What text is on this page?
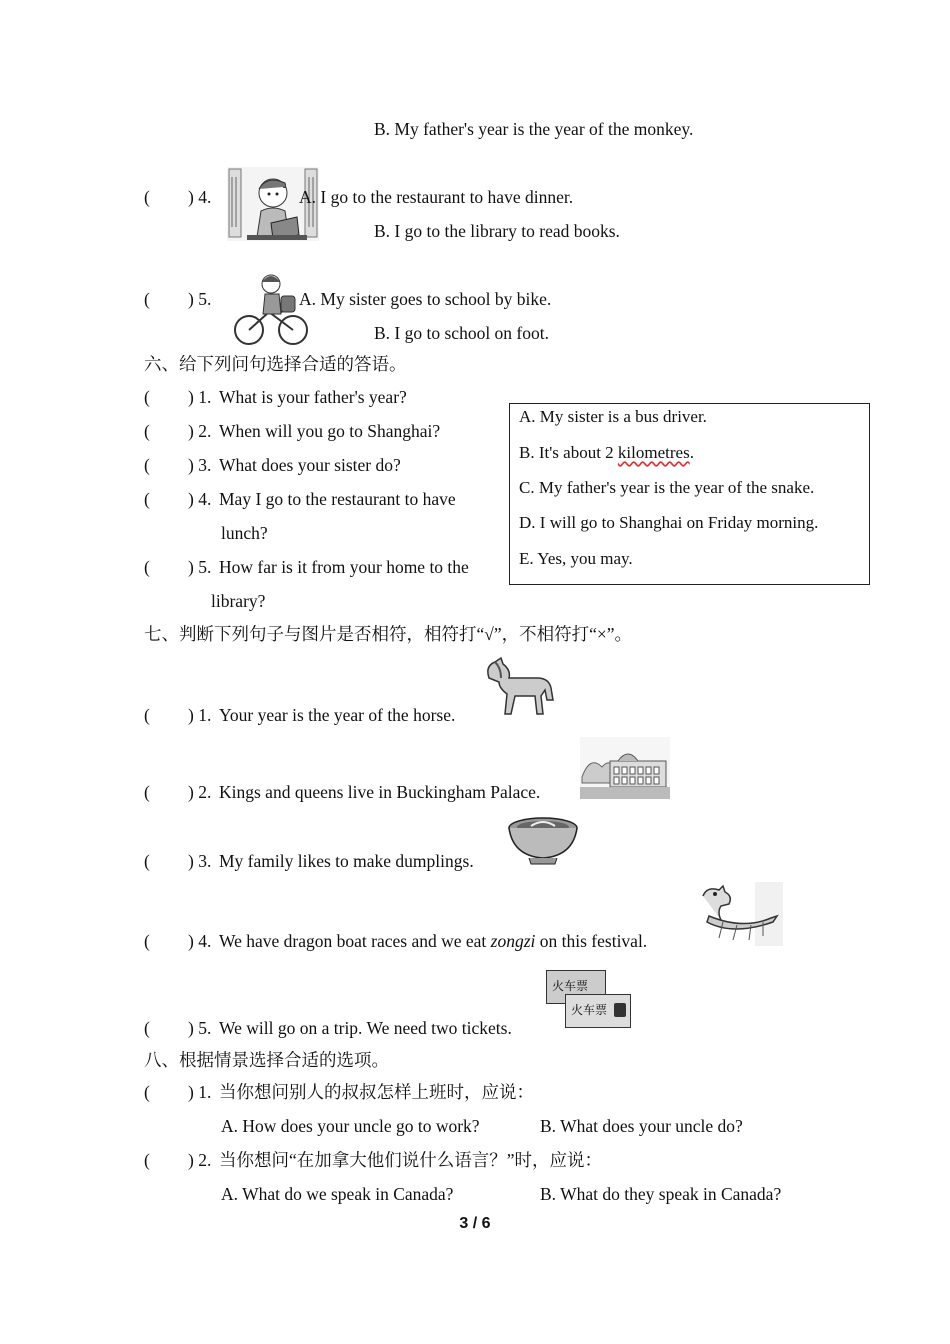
B. My father's year is the year of the monkey.
( ) 4.	A. I go to the restaurant to have dinner.
B. I go to the library to read books.
( ) 5.	A. My sister goes to school by bike.
B. I go to school on foot.
六、给下列问句选择合适的答语。
( ) 1. What is your father's year?
( ) 2. When will you go to Shanghai?
( ) 3. What does your sister do?
( ) 4. May I go to the restaurant to have
lunch?
( ) 5. How far is it from your home to the
library?
A. My sister is a bus driver.
B. It's about 2 kilometres.
C. My father's year is the year of the snake.
D. I will go to Shanghai on Friday morning.
E. Yes, you may.
七、判断下列句子与图片是否相符，相符打“√”，不相符打“×”。
( ) 1. Your year is the year of the horse.
( ) 2. Kings and queens live in Buckingham Palace.
( ) 3. My family likes to make dumplings.
( ) 4. We have dragon boat races and we eat zongzi on this festival.
( ) 5. We will go on a trip. We need two tickets.
火车票
火车票
八、根据情景选择合适的选项。
( ) 1. 当你想问别人的叔叔怎样上班时，应说：
A. How does your uncle go to work?	B. What does your uncle do?
( ) 2. 当你想问“在加拿大他们说什么语言？”时，应说：
A. What do we speak in Canada?	B. What do they speak in Canada?
3 / 6
